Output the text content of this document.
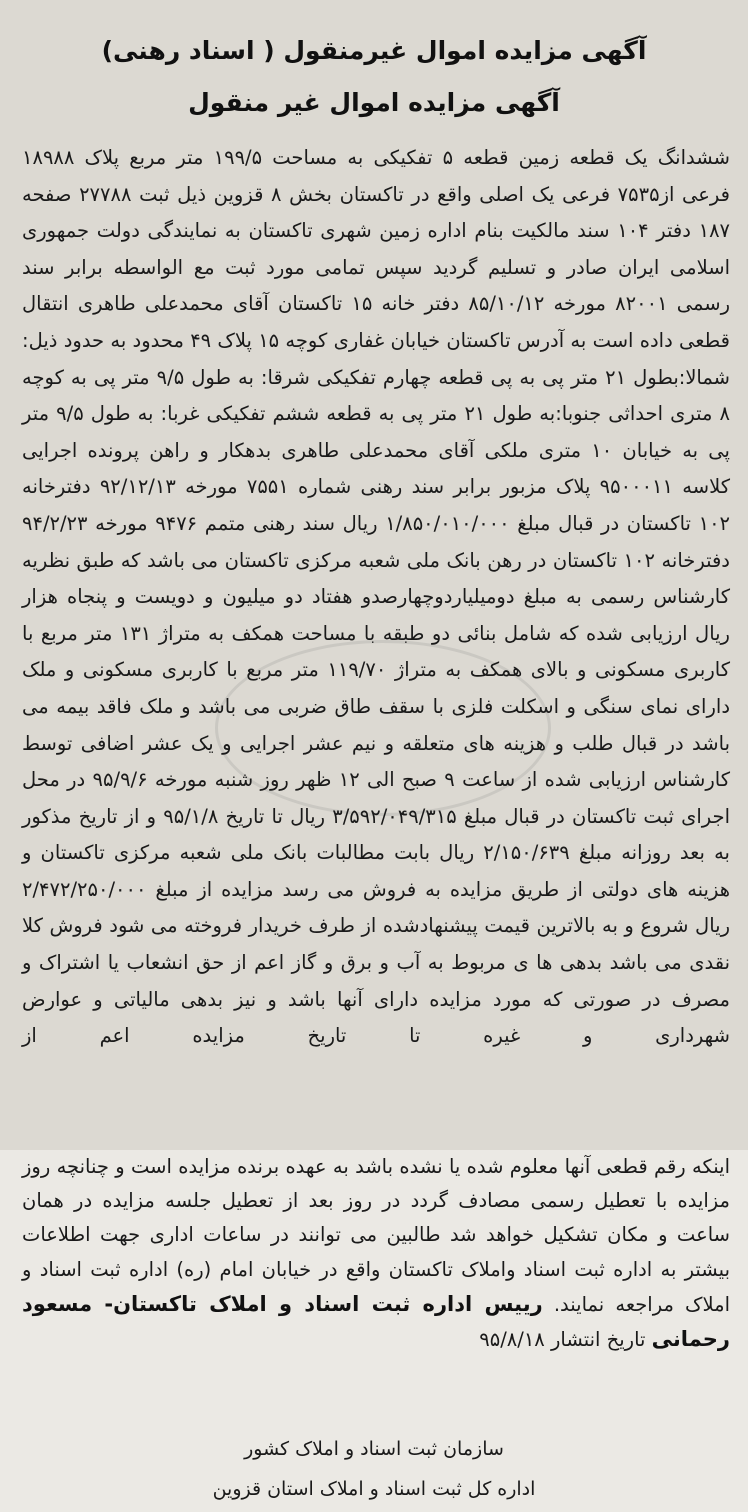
آگهی مزایده اموال غیرمنقول ( اسناد رهنی)
آگهی مزایده اموال غیر منقول

ششدانگ یک قطعه زمین قطعه ۵ تفکیکی به مساحت ۱۹۹/۵ متر مربع پلاک ۱۸۹۸۸ فرعی از۷۵۳۵ فرعی یک اصلی واقع در تاکستان بخش ۸ قزوین ذیل ثبت ۲۷۷۸۸ صفحه ۱۸۷ دفتر ۱۰۴ سند مالکیت بنام اداره زمین شهری تاکستان به نمایندگی دولت جمهوری اسلامی ایران صادر و تسلیم گردید سپس تمامی مورد ثبت مع الواسطه برابر سند رسمی ۸۲۰۰۱ مورخه ۸۵/۱۰/۱۲ دفتر خانه ۱۵ تاکستان آقای محمدعلی طاهری انتقال قطعی داده است به آدرس تاکستان خیابان غفاری کوچه ۱۵ پلاک ۴۹ محدود به حدود ذیل: شمالا:بطول ۲۱ متر پی به پی قطعه چهارم تفکیکی شرقا: به طول ۹/۵ متر پی به کوچه ۸ متری احداثی جنوبا:به طول ۲۱ متر پی به قطعه ششم تفکیکی غربا: به طول ۹/۵ متر پی به خیابان ۱۰ متری ملکی آقای محمدعلی طاهری بدهکار و راهن پرونده اجرایی کلاسه ۹۵۰۰۰۱۱ پلاک مزبور برابر سند رهنی شماره ۷۵۵۱ مورخه ۹۲/۱۲/۱۳ دفترخانه ۱۰۲ تاکستان در قبال مبلغ ۱/۸۵۰/۰۱۰/۰۰۰ ریال سند رهنی متمم ۹۴۷۶ مورخه ۹۴/۲/۲۳ دفترخانه ۱۰۲ تاکستان در رهن بانک ملی شعبه مرکزی تاکستان می باشد که طبق نظریه کارشناس رسمی به مبلغ دومیلیاردوچهارصدو هفتاد دو میلیون و دویست و پنجاه هزار ریال ارزیابی شده که شامل بنائی دو طبقه با مساحت همکف به متراژ ۱۳۱ متر مربع با کاربری مسکونی و بالای همکف به متراژ ۱۱۹/۷۰ متر مربع با کاربری مسکونی و ملک دارای نمای سنگی و اسکلت فلزی با سقف طاق ضربی می باشد و ملک فاقد بیمه می باشد در قبال طلب و هزینه های متعلقه و نیم عشر اجرایی و یک عشر اضافی توسط کارشناس ارزیابی شده از ساعت ۹ صبح الی ۱۲ ظهر روز شنبه مورخه ۹۵/۹/۶ در محل اجرای ثبت تاکستان در قبال مبلغ ۳/۵۹۲/۰۴۹/۳۱۵ ریال تا تاریخ ۹۵/۱/۸ و از تاریخ مذکور به بعد روزانه مبلغ ۲/۱۵۰/۶۳۹ ریال بابت مطالبات بانک ملی شعبه مرکزی تاکستان و هزینه های دولتی از طریق مزایده به فروش می رسد مزایده از مبلغ ۲/۴۷۲/۲۵۰/۰۰۰ ریال شروع و به بالاترین قیمت پیشنهادشده از طرف خریدار فروخته می شود فروش کلا نقدی می باشد بدهی ها ی مربوط به آب و برق و گاز اعم از حق انشعاب یا اشتراک و مصرف در صورتی که مورد مزایده دارای آنها باشد و نیز بدهی مالیاتی و عوارض شهرداری و غیره تا تاریخ مزایده اعم از

اینکه رقم قطعی آنها معلوم شده یا نشده باشد به عهده برنده مزایده است و چنانچه روز مزایده با تعطیل رسمی مصادف گردد در روز بعد از تعطیل جلسه مزایده در همان ساعت و مکان تشکیل خواهد شد طالبین می توانند در ساعات اداری جهت اطلاعات بیشتر به اداره ثبت اسناد واملاک تاکستان واقع در خیابان امام (ره) اداره ثبت اسناد و املاک مراجعه نمایند. رییس اداره ثبت اسناد و املاک تاکستان- مسعود رحمانی تاریخ انتشار ۹۵/۸/۱۸

سازمان ثبت اسناد و املاک کشور
اداره کل ثبت اسناد و املاک استان قزوین
